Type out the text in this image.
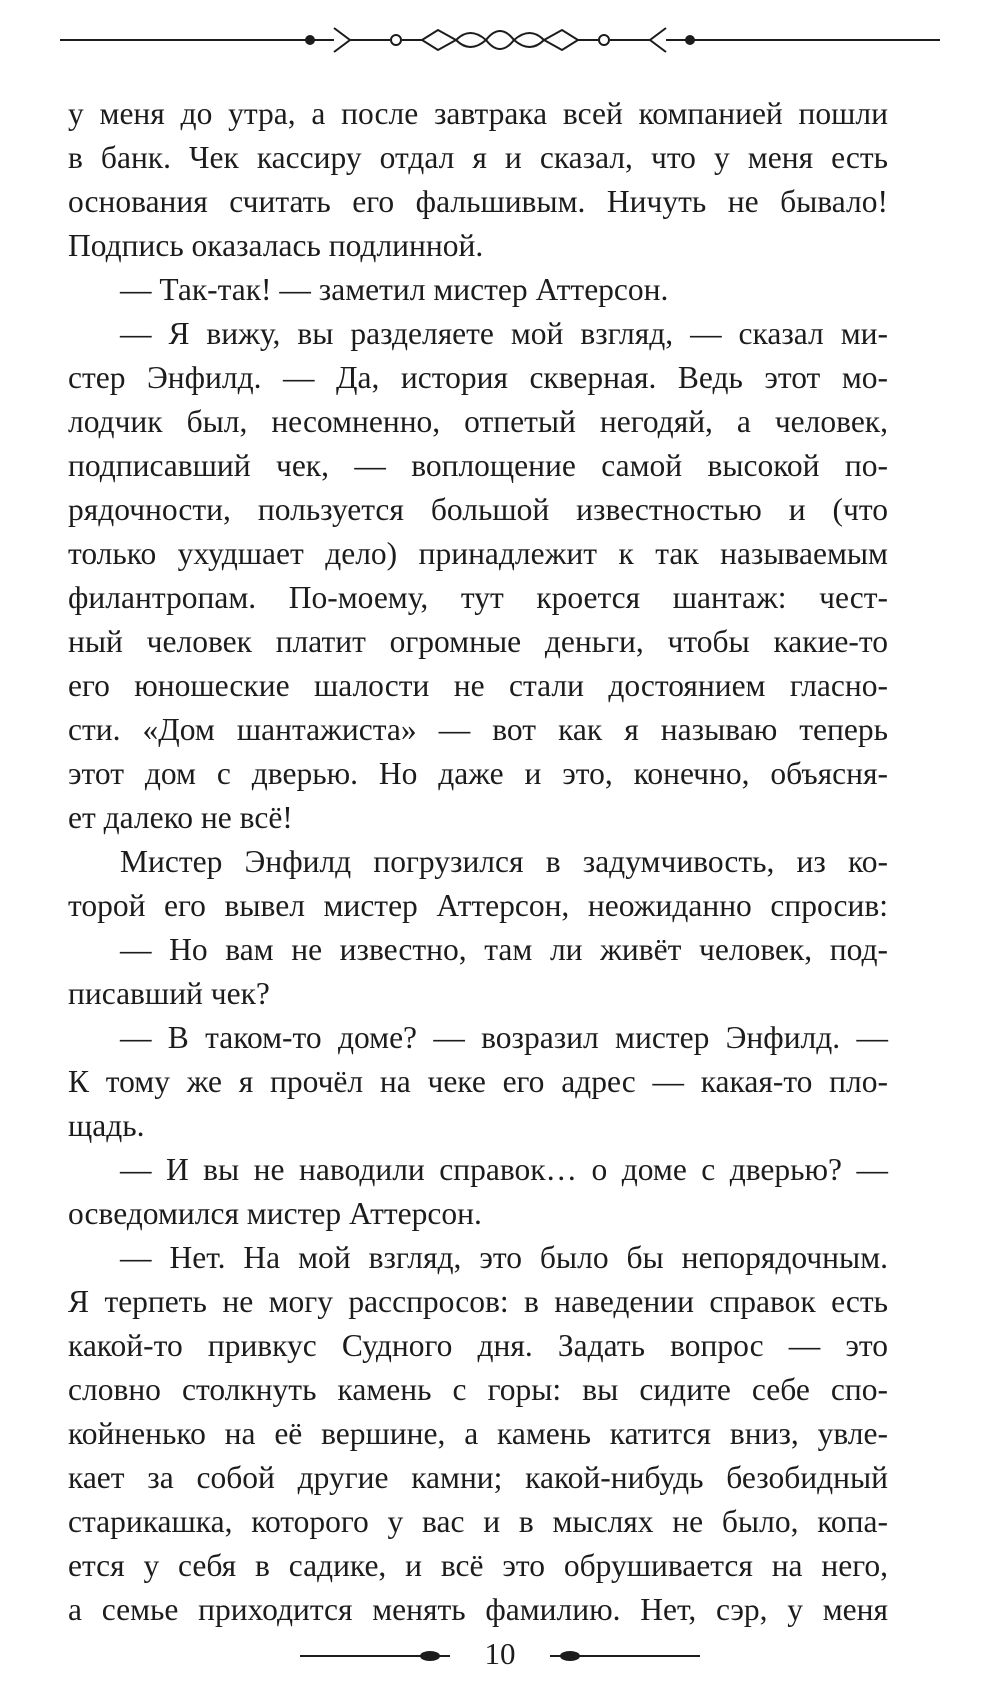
у меня до утра, а после завтрака всей компанией пошли
в банк. Чек кассиру отдал я и сказал, что у меня есть
основания считать его фальшивым. Ничуть не бывало!
Подпись оказалась подлинной.
— Так-так! — заметил мистер Аттерсон.
— Я вижу, вы разделяете мой взгляд, — сказал ми-
стер Энфилд. — Да, история скверная. Ведь этот мо-
лодчик был, несомненно, отпетый негодяй, а человек,
подписавший чек, — воплощение самой высокой по-
рядочности, пользуется большой известностью и (что
только ухудшает дело) принадлежит к так называемым
филантропам. По-моему, тут кроется шантаж: чест-
ный человек платит огромные деньги, чтобы какие-то
его юношеские шалости не стали достоянием гласно-
сти. «Дом шантажиста» — вот как я называю теперь
этот дом с дверью. Но даже и это, конечно, объясня-
ет далеко не всё!
Мистер Энфилд погрузился в задумчивость, из ко-
торой его вывел мистер Аттерсон, неожиданно спросив:
— Но вам не известно, там ли живёт человек, под-
писавший чек?
— В таком-то доме? — возразил мистер Энфилд. —
К тому же я прочёл на чеке его адрес — какая-то пло-
щадь.
— И вы не наводили справок… о доме с дверью? —
осведомился мистер Аттерсон.
— Нет. На мой взгляд, это было бы непорядочным.
Я терпеть не могу расспросов: в наведении справок есть
какой-то привкус Судного дня. Задать вопрос — это
словно столкнуть камень с горы: вы сидите себе спо-
койненько на её вершине, а камень катится вниз, увле-
кает за собой другие камни; какой-нибудь безобидный
старикашка, которого у вас и в мыслях не было, копа-
ется у себя в садике, и всё это обрушивается на него,
а семье приходится менять фамилию. Нет, сэр, у меня
10
